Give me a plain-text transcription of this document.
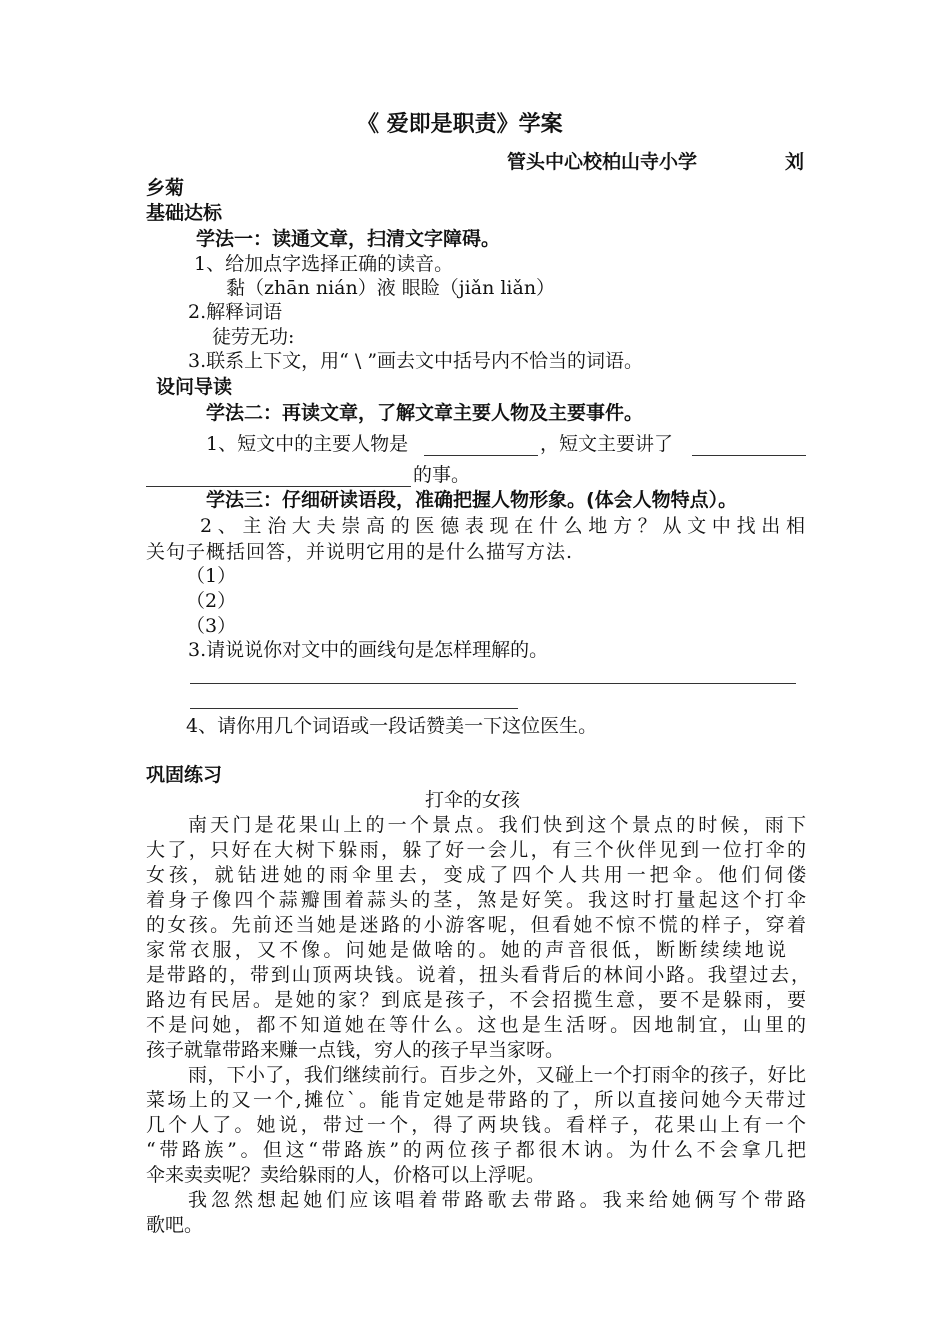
《 爱即是职责》学案
管头中心校柏山寺小学	刘
乡菊
基础达标
学法一：读通文章，扫清文字障碍。
1、给加点字选择正确的读音。
黏（zhān nián）液 眼睑（jiǎn liǎn）
2.解释词语
徒劳无功:
3.联系上下文，用“ \ ”画去文中括号内不恰当的词语。
设问导读
学法二：再读文章，了解文章主要人物及主要事件。
1、短文中的主要人物是	，短文主要讲了
的事。
学法三：仔细研读语段，准确把握人物形象。(体会人物特点）。
2、主治大夫崇高的医德表现在什么地方？从文中找出相
关句子概括回答，并说明它用的是什么描写方法.
（1）
（2）
（3）
3.请说说你对文中的画线句是怎样理解的。
4、请你用几个词语或一段话赞美一下这位医生。
巩固练习
打伞的女孩
南天门是花果山上的一个景点。我们快到这个景点的时候，雨下
大了，只好在大树下躲雨，躲了好一会儿，有三个伙伴见到一位打伞的
女孩，就钻进她的雨伞里去，变成了四个人共用一把伞。他们伺偻
着身子像四个蒜瓣围着蒜头的茎，煞是好笑。我这时打量起这个打伞
的女孩。先前还当她是迷路的小游客呢，但看她不惊不慌的样子，穿着
家常衣服，又不像。问她是做啥的。她的声音很低，断断续续地说
是带路的，带到山顶两块钱。说着，扭头看背后的林间小路。我望过去，
路边有民居。是她的家？到底是孩子，不会招揽生意，要不是躲雨，要
不是问她，都不知道她在等什么。这也是生活呀。因地制宜，山里的
孩子就靠带路来赚一点钱，穷人的孩子早当家呀。
雨，下小了，我们继续前行。百步之外，又碰上一个打雨伞的孩子，好比
菜场上的又一个,摊位`。能肯定她是带路的了，所以直接问她今天带过
几个人了。她说，带过一个，得了两块钱。看样子，花果山上有一个
“带路族”。但这“带路族”的两位孩子都很木讷。为什么不会拿几把
伞来卖卖呢？卖给躲雨的人，价格可以上浮呢。
我忽然想起她们应该唱着带路歌去带路。我来给她俩写个带路
歌吧。
